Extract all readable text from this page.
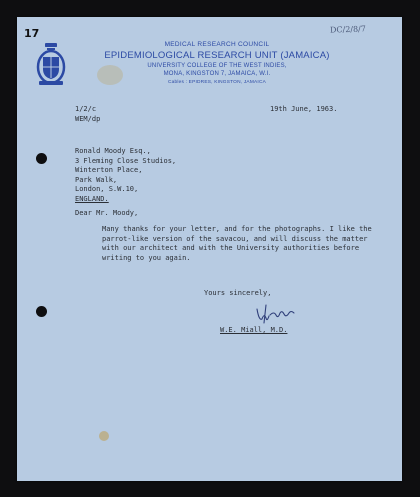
17	DC/2/8/7
MEDICAL RESEARCH COUNCIL
EPIDEMIOLOGICAL RESEARCH UNIT (JAMAICA)
UNIVERSITY COLLEGE OF THE WEST INDIES,
MONA, KINGSTON 7, JAMAICA, W.I.
Cables : EPIDRES, KINGSTON, JAMAICA
1/2/c
WEM/dp
19th June, 1963.
Ronald Moody Esq.,
3 Fleming Close Studios,
Winterton Place,
Park Walk,
London, S.W.10,
ENGLAND.
Dear Mr. Moody,
Many thanks for your letter, and for the photographs. I like the parrot-like version of the savacou, and will discuss the matter with our architect and with the University authorities before writing to you again.
Yours sincerely,
W.E. Miall, M.D.
